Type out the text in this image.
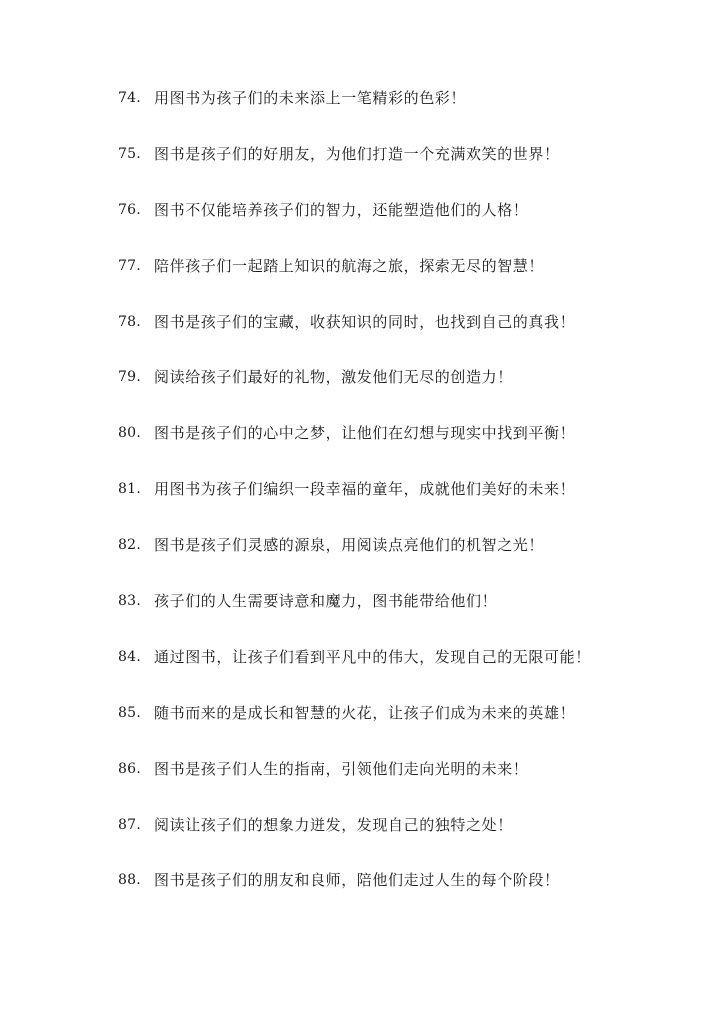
74. 用图书为孩子们的未来添上一笔精彩的色彩！
75. 图书是孩子们的好朋友，为他们打造一个充满欢笑的世界！
76. 图书不仅能培养孩子们的智力，还能塑造他们的人格！
77. 陪伴孩子们一起踏上知识的航海之旅，探索无尽的智慧！
78. 图书是孩子们的宝藏，收获知识的同时，也找到自己的真我！
79. 阅读给孩子们最好的礼物，激发他们无尽的创造力！
80. 图书是孩子们的心中之梦，让他们在幻想与现实中找到平衡！
81. 用图书为孩子们编织一段幸福的童年，成就他们美好的未来！
82. 图书是孩子们灵感的源泉，用阅读点亮他们的机智之光！
83. 孩子们的人生需要诗意和魔力，图书能带给他们！
84. 通过图书，让孩子们看到平凡中的伟大，发现自己的无限可能！
85. 随书而来的是成长和智慧的火花，让孩子们成为未来的英雄！
86. 图书是孩子们人生的指南，引领他们走向光明的未来！
87. 阅读让孩子们的想象力迸发，发现自己的独特之处！
88. 图书是孩子们的朋友和良师，陪他们走过人生的每个阶段！
